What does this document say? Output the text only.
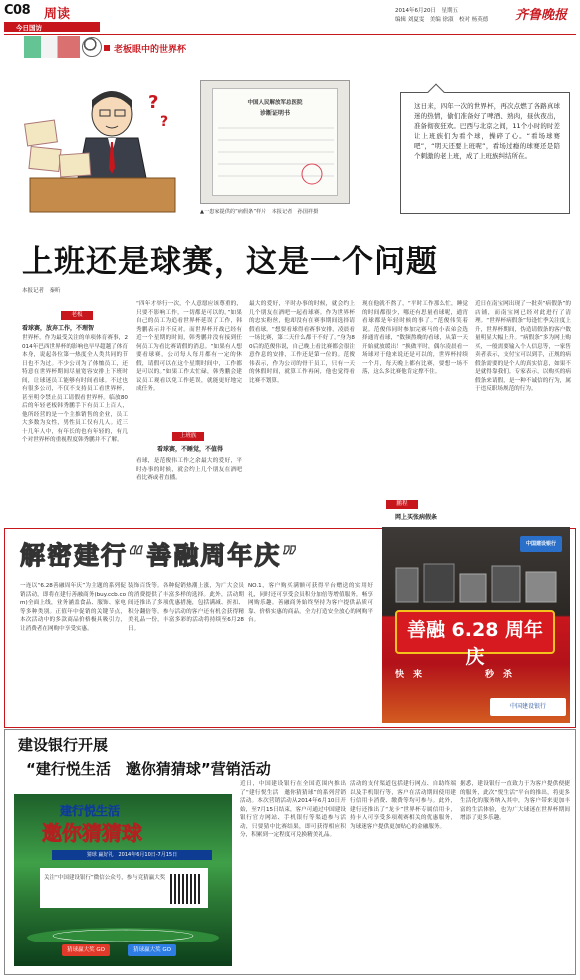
C08 周读
今日国访
2014年6月20日　星期五
编辑 刘夏雯　美编 徐淑　校对 杨英德 齐鲁晚报
老板眼中的世界杯
?
?
中国人民解放军总医院
诊断证明书
▲一患家提供的“病假条”样片　本报记者　孙国祥摄
这日来，四年一次的世界杯，再次点燃了各路真球迷的热情，偷们准备好了啤酒、熟肉，昼伙夜出，准备彻夜狂欢。巴西与北京之间，11个小时的时差让上班族们为看个球，操碎了心。“看场球赛吧”，“明天还要上班呢”，看场过瘾的球赛还是陪个刺激的老上班，成了上班族纠结所在。
上班还是球赛，这是一个问题
本报记者　秦昕
老板
看球赛，放弃工作，不理智
世界杯，作为最受关注的单项体育赛事，2014年巴西世界杯的影响也早早超越了体育本身，说起各位第一热度全人类共同的节日也不为过。不少公司为了体恤员工，还特意在世界杯期间尽量宽容安排上下班时间，让球迷员工能够有时间看球。不过也有很多公司，不仅不支持员工看世界杯，甚至明令禁止员工请假看世界杯。临放80后的年轻老板韩秀鹏手下有员工上百人，他所经营的是一个主推销售的企业，员工大多数为女性，男性员工仅有几人。近三十几年人中，有年长的也有年轻的，有几个对世界杯的重视程度韩秀鹏并不了解。
“四年才举行一次，个人意愿应该尊重的，只要不影响工作，一切都是可以的。”如果自己的员工为追看世界杯延误了工作，韩秀鹏表示并不反对。而世界杯开战已经有近一个星期的时间，韩秀鹏并没有接到任何员工为看比赛请假的消息。“如果有人想要看球赛，公司每人每月都有一定的休假，请假可以在这个星期时间中，工作都是可以的。”如果工作太忙碌，韩秀鹏会建议员工观看以免工作延误，就能更好地完成任务。
上班族
看球赛，不睡觉，不值得
看球，是范俊伟工作之余最大的爱好，平时办事的时候，就会约上几个朋友在酒吧看比赛或者直播。
最大的爱好，平时办事的时候，就会约上几个朋友在酒吧一起看球赛。作为世界杯的忠实粉丝，他却没有在赛事期间选择请假看球。“想要看球得看赛事安排，凌晨看一场比赛，第二天什么都干不好了。”身为80后的范俊伟说，自己晚上看比赛都会很注意作息的安排，工作还是第一位的。范俊伟表示，作为公司的骨干员工，只有一天的休假时间，就算工作再闲，他也觉得看比赛不划算。
现在他就不熬了，“平时工作那么忙，睡觉的时间都很少，哪还有思量看球呢，通宵看球都是年轻时候的事了。”范俊伟笑着说。范俊伟同时参加完赛马的小表弟会选择通宵看球，“数频熬晚的看球，从第一天开始就放缓出！”换做平时，偶尔凌晨看一场球对于他来说还是可以的，世界杯持续一个月，每天晚上都有比赛，要想一场不落，这么多比赛他肯定撑不住。
鹏程
网上买张病假条
近日在南宝网出现了一批卖“病假条”的店铺，而南宝网已经对此进行了清理。“世界杯病假条”每逢忙季关注度上升，世界杯期间，伪造请假条的客户数量明显大幅上升。“病假条”多为网上购买，一般需要输入个人信息等，一家售卖者表示，支付宝可以到手，正规的病假条需要的是个人的真实信息，如果不是就得靠我们。专家表示，以购买的病假条来请假，是一种不诚信的行为，属于违反职场规范的行为。
解密建行“善融周年庆”
一连以“6.28善融周年庆”为主题的系列促销活动，即将在建行善融商务(buy.ccb.com)全面上线，业务涵盖食品、服饰、家电等多种类别。正值年中促销的关键节点，本次活动中的多款商品价格极具吸引力，让消费者在网购中享受实惠。
装饰百货等。各种促销热潮上涨，为广大会员的消费提供了丰富多样的选择。此外，活动期间还推出了多项优惠措施，包括满减、折扣、积分翻倍等。参与活动的客户还有机会获得精美礼品一份，丰富多彩的活动将持续至6月28日。
NO.1，客户购买满额可获得平台赠送的实用好礼，同时还可享受会员积分加倍等增值服务，畅享网购乐趣。善融商务始终坚持为客户提供品质可靠、价格实惠的商品，全力打造安全放心的网购平台。
中国建设银行
善融 6.28 周年庆
快　来	秒　杀
中国建设银行
建设银行开展
“建行悦生活　邀你猜猜球”营销活动
建行悦生活
邀你猜猜球
猜球 赢好礼　2014年6月10日-7月15日
关注“中国建设银行”微信公众号，参与竞猜赢大奖
猜球赢大奖 GO	猜球赢大奖 GO
近日，中国建设银行在全国范围内推出了“建行悦生活　邀你猜猜球”的系列营销活动。本次营销活动从2014年6月10日开始，至7月15日结束，客户可通过中国建设银行官方网站、手机银行等渠道参与活动，只要猜中比赛结果，即可获得相应积分，积累到一定程度可兑换精美礼品。
活动的支付渠道包括建行网点、自助终端以及手机银行等，客户在活动期间使用建行信用卡消费、缴费等均可参与。此外，建行还推出了“龙卡”世界杯专属信用卡，持卡人可享受多项观赛相关的优惠服务，为球迷客户提供更加贴心的金融服务。
据悉，建设银行一直致力于为客户提供便捷的服务，此次“悦生活”平台的推出，将更多生活化的服务纳入其中，为客户带来更加丰富的生活体验，也为广大球迷在世界杯期间增添了更多乐趣。
